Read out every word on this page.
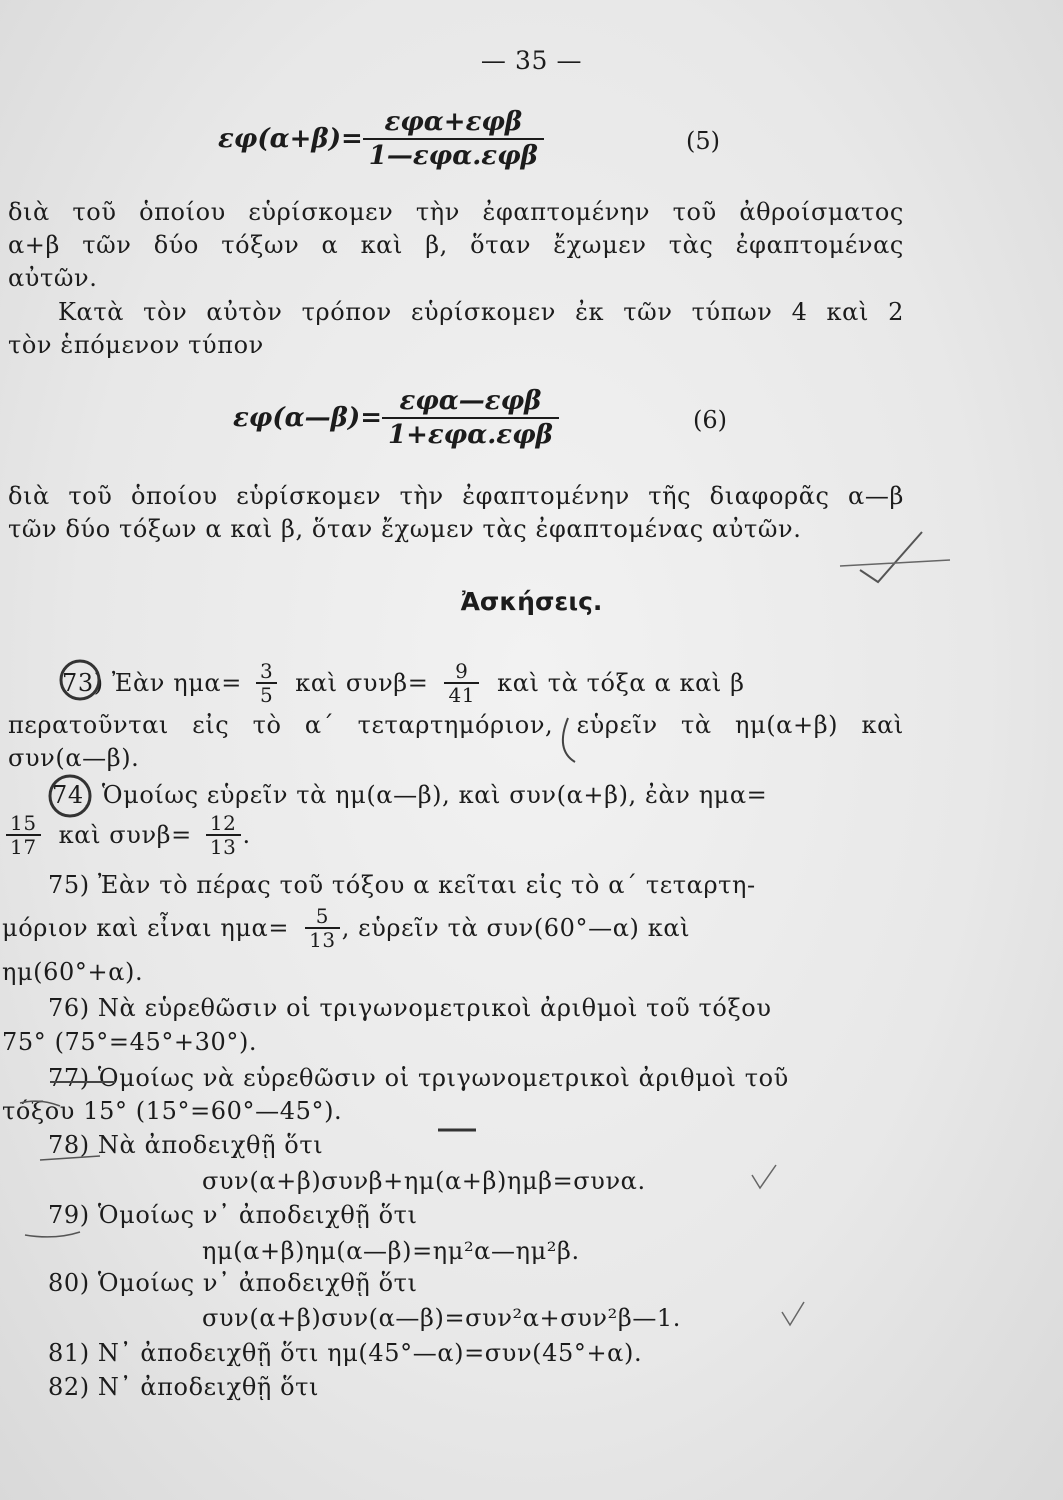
— 35 —
$\varepsilon\varphi(\alpha+\beta)= \frac{\text{εφα+εφβ}}{\text{1—εφα.εφβ}}$	(5)
διὰ τοῦ ὁποίου εὑρίσκομεν τὴν ἐφαπτομένην τοῦ ἀθροίσματος
α+β τῶν δύο τόξων α καὶ β, ὅταν ἔχωμεν τὰς ἐφαπτομένας
αὐτῶν.
Κατὰ τὸν αὐτὸν τρόπον εὑρίσκομεν ἐκ τῶν τύπων 4 καὶ 2
τὸν ἑπόμενον τύπον
εφ(α—β)= $\frac{\text{εφα—εφβ}}{\text{1+εφα.εφβ}}$	(6)
διὰ τοῦ ὁποίου εὑρίσκομεν τὴν ἐφαπτομένην τῆς διαφορᾶς α—β
τῶν δύο τόξων α καὶ β, ὅταν ἔχωμεν τὰς ἐφαπτομένας αὐτῶν.
Ἀσκήσεις.
73) Ἐὰν $\eta\mu\alpha= \frac{3}{5}$ καὶ $\sigma\upsilon\nu\beta= \frac{9}{41}$ καὶ τὰ τόξα α καὶ β
περατοῦνται εἰς τὸ α΄ τεταρτημόριον, εὑρεῖν τὰ ημ(α+β) καὶ
συν(α—β).
74) Ὁμοίως εὑρεῖν τὰ ημ(α—β), καὶ συν(α+β), ἐὰν ημα=
$\frac{15}{17}$ καὶ $\sigma\upsilon\nu\beta= \frac{12}{13}$ .
75) Ἐὰν τὸ πέρας τοῦ τόξου α κεῖται εἰς τὸ α΄ τεταρτη-
μόριον καὶ εἶναι $\eta\mu\alpha= \frac{5}{13}$ , εὑρεῖν τὰ συν(60°—α) καὶ
ημ(60°+α).
76) Νὰ εὑρεθῶσιν οἱ τριγωνομετρικοὶ ἀριθμοὶ τοῦ τόξου
75° (75°=45°+30°).
77) Ὁμοίως νὰ εὑρεθῶσιν οἱ τριγωνομετρικοὶ ἀριθμοὶ τοῦ
τόξου 15° (15°=60°—45°).
78) Νὰ ἀποδειχθῇ ὅτι
συν(α+β)συνβ+ημ(α+β)ημβ=συνα.
79) Ὁμοίως ν᾽ ἀποδειχθῇ ὅτι
ημ(α+β)ημ(α—β)=ημ²α—ημ²β.
80) Ὁμοίως ν᾽ ἀποδειχθῇ ὅτι
συν(α+β)συν(α—β)=συν²α+συν²β—1.
81) Ν᾽ ἀποδειχθῇ ὅτι ημ(45°—α)=συν(45°+α).
82) Ν᾽ ἀποδειχθῇ ὅτι
